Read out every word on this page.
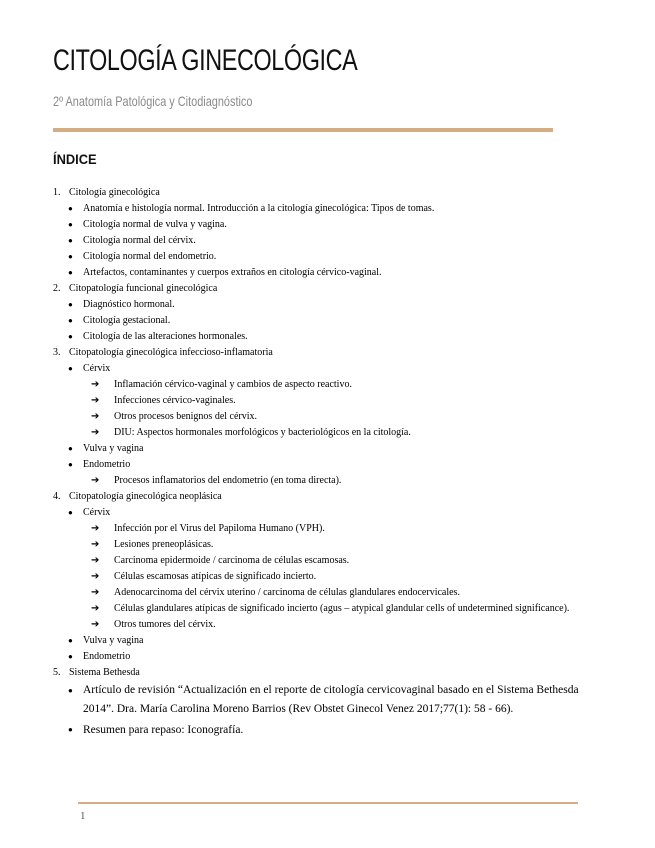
CITOLOGÍA GINECOLÓGICA
2º Anatomía Patológica y Citodiagnóstico
ÍNDICE
1. Citología ginecológica
● Anatomía e histología normal. Introducción a la citología ginecológica: Tipos de tomas.
● Citología normal de vulva y vagina.
● Citología normal del cérvix.
● Citología normal del endometrio.
● Artefactos, contaminantes y cuerpos extraños en citología cérvico-vaginal.
2. Citopatología funcional ginecológica
● Diagnóstico hormonal.
● Citología gestacional.
● Citología de las alteraciones hormonales.
3. Citopatología ginecológica infeccioso-inflamatoria
● Cérvix
➔ Inflamación cérvico-vaginal y cambios de aspecto reactivo.
➔ Infecciones cérvico-vaginales.
➔ Otros procesos benignos del cérvix.
➔ DIU: Aspectos hormonales morfológicos y bacteriológicos en la citología.
● Vulva y vagina
● Endometrio
➔ Procesos inflamatorios del endometrio (en toma directa).
4. Citopatología ginecológica neoplásica
● Cérvix
➔ Infección por el Virus del Papiloma Humano (VPH).
➔ Lesiones preneoplásicas.
➔ Carcinoma epidermoide / carcinoma de células escamosas.
➔ Células escamosas atípicas de significado incierto.
➔ Adenocarcinoma del cérvix uterino / carcinoma de células glandulares endocervicales.
➔ Células glandulares atípicas de significado incierto (agus – atypical glandular cells of undetermined significance).
➔ Otros tumores del cérvix.
● Vulva y vagina
● Endometrio
5. Sistema Bethesda
● Artículo de revisión “Actualización en el reporte de citología cervicovaginal basado en el Sistema Bethesda
2014”. Dra. María Carolina Moreno Barrios (Rev Obstet Ginecol Venez 2017;77(1): 58 - 66).
● Resumen para repaso: Iconografía.
1
